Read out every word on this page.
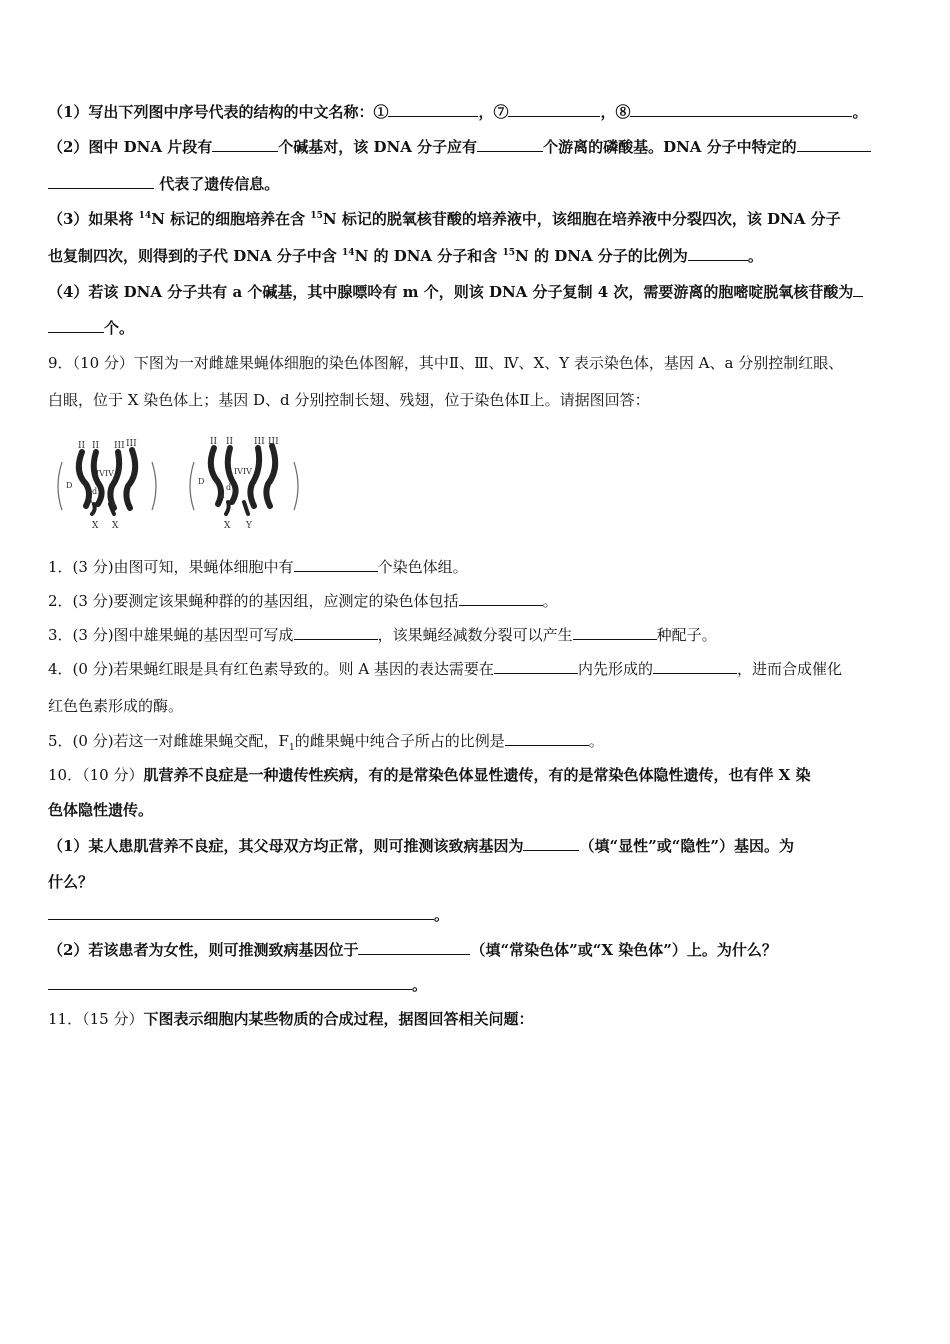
（1）写出下列图中序号代表的结构的中文名称：①	，⑦	，⑧	。
（2）图中 DNA 片段有	个碱基对，该 DNA 分子应有	个游离的磷酸基。DNA 分子中特定的
代表了遗传信息。
（3）如果将 $^{14}$N 标记的细胞培养在含 $^{15}$N 标记的脱氧核苷酸的培养液中，该细胞在培养液中分裂四次，该 DNA 分子
也复制四次，则得到的子代 DNA 分子中含 $^{14}$N 的 DNA 分子和含 $^{15}$N 的 DNA 分子的比例为	。
（4）若该 DNA 分子共有 a 个碱基，其中腺嘌呤有 m 个，则该 DNA 分子复制 4 次，需要游离的胞嘧啶脱氧核苷酸为
个。
9．（10 分）下图为一对雌雄果蝇体细胞的染色体图解，其中Ⅱ、Ⅲ、Ⅳ、X、Y 表示染色体，基因 A、a 分别控制红眼、
白眼，位于 X 染色体上；基因 D、d 分别控制长翅、残翅，位于染色体Ⅱ上。请据图回答：
II II III III
IVIV
D
d
A a
X X
II II III III
IVIV
D
d
a
X Y
1．(3 分)由图可知，果蝇体细胞中有	个染色体组。
2．(3 分)要测定该果蝇种群的的基因组，应测定的染色体包括	。
3．(3 分)图中雄果蝇的基因型可写成	，该果蝇经减数分裂可以产生	种配子。
4．(0 分)若果蝇红眼是具有红色素导致的。则 A 基因的表达需要在	内先形成的	，进而合成催化
红色色素形成的酶。
5．(0 分)若这一对雌雄果蝇交配，$F_1$的雌果蝇中纯合子所占的比例是	。
10．（10 分）肌营养不良症是一种遗传性疾病，有的是常染色体显性遗传，有的是常染色体隐性遗传，也有伴 X 染
色体隐性遗传。
（1）某人患肌营养不良症，其父母双方均正常，则可推测该致病基因为	（填“显性”或“隐性”）基因。为
什么？
。
（2）若该患者为女性，则可推测致病基因位于	（填“常染色体”或“X 染色体”）上。为什么？
。
11．（15 分）下图表示细胞内某些物质的合成过程，据图回答相关问题：
